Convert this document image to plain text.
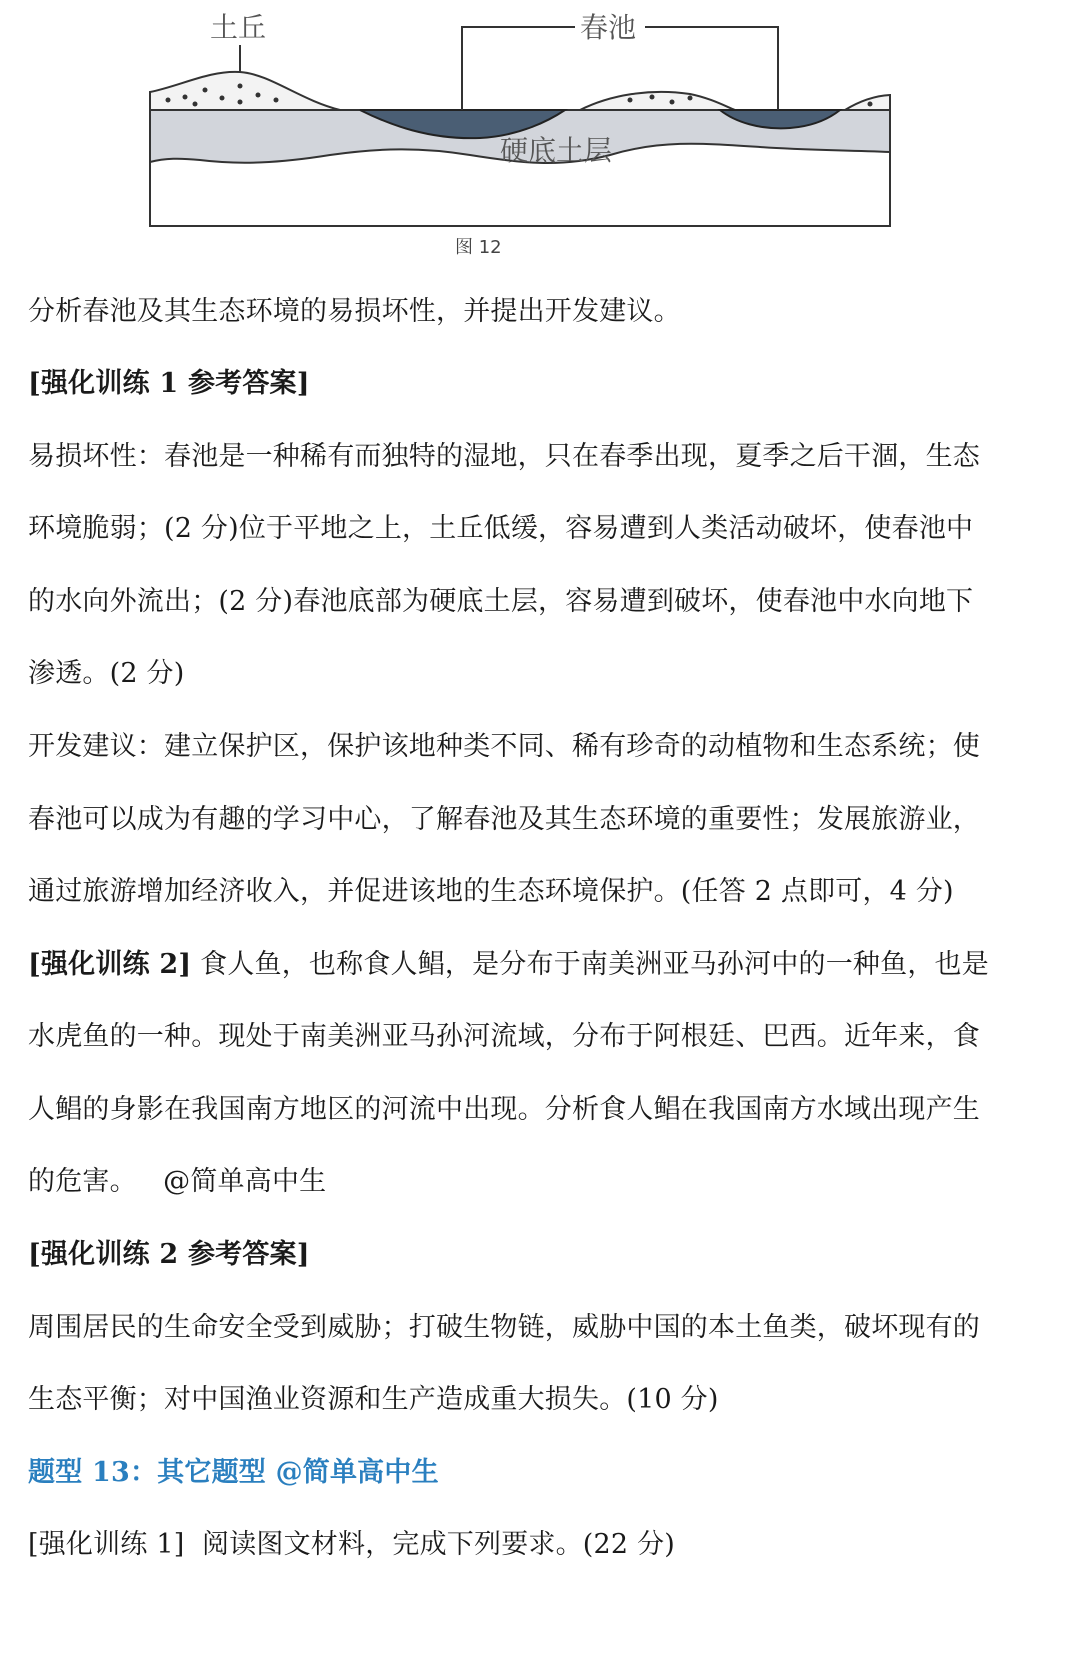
土丘	春池
硬底土层
图 12
分析春池及其生态环境的易损坏性，并提出开发建议。
[强化训练 1 参考答案]
易损坏性：春池是一种稀有而独特的湿地，只在春季出现，夏季之后干涸，生态
环境脆弱；(2 分)位于平地之上，土丘低缓，容易遭到人类活动破坏，使春池中
的水向外流出；(2 分)春池底部为硬底土层，容易遭到破坏，使春池中水向地下
渗透。(2 分)
开发建议：建立保护区，保护该地种类不同、稀有珍奇的动植物和生态系统；使
春池可以成为有趣的学习中心，了解春池及其生态环境的重要性；发展旅游业，
通过旅游增加经济收入，并促进该地的生态环境保护。(任答 2 点即可，4 分)
[强化训练 2] 食人鱼，也称食人鲳，是分布于南美洲亚马孙河中的一种鱼，也是
水虎鱼的一种。现处于南美洲亚马孙河流域，分布于阿根廷、巴西。近年来，食
人鲳的身影在我国南方地区的河流中出现。分析食人鲳在我国南方水域出现产生
的危害。   @简单高中生
[强化训练 2 参考答案]
周围居民的生命安全受到威胁；打破生物链，威胁中国的本土鱼类，破坏现有的
生态平衡；对中国渔业资源和生产造成重大损失。(10 分)
题型 13：其它题型 @简单高中生
[强化训练 1]  阅读图文材料，完成下列要求。(22 分)
